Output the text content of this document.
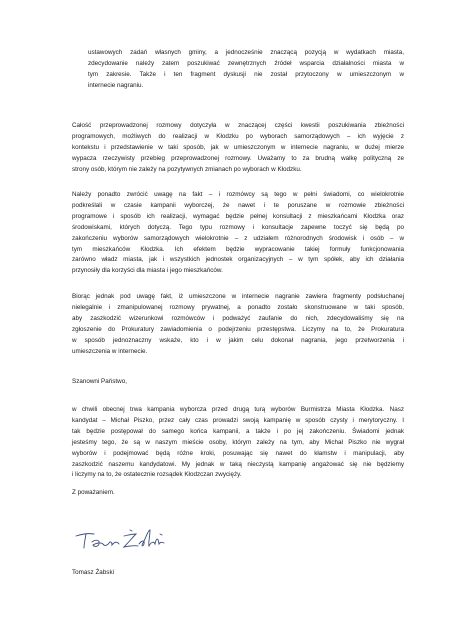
ustawowych zadań własnych gminy, a jednocześnie znaczącą pozycją w wydatkach miasta,
zdecydowanie należy zatem poszukiwać zewnętrznych źródeł wsparcia działalności miasta w
tym zakresie. Także i ten fragment dyskusji nie został przytoczony w umieszczonym w
internecie nagraniu.

Całość przeprowadzonej rozmowy dotyczyła w znaczącej części kwestii poszukiwania zbieżności
programowych, możliwych do realizacji w Kłodzku po wyborach samorządowych – ich wyjęcie z
kontekstu i przedstawienie w taki sposób, jak w umieszczonym w internecie nagraniu, w dużej mierze
wypacza rzeczywisty przebieg przeprowadzonej rozmowy. Uważamy to za brudną walkę polityczną ze
strony osób, którym nie zależy na pozytywnych zmianach po wyborach w Kłodzku.

Należy ponadto zwrócić uwagę na fakt – i rozmówcy są tego w pełni świadomi, co wielokrotnie
podkreślali w czasie kampanii wyborczej, że nawet i te poruszane w rozmowie zbieżności
programowe i sposób ich realizacji, wymagać będzie pełnej konsultacji z mieszkańcami Kłodzka oraz
środowiskami, których dotyczą. Tego typu rozmowy i konsultacje zapewne toczyć się będą po
zakończeniu wyborów samorządowych wielokrotnie – z udziałem różnorodnych środowisk i osób – w
tym mieszkańców Kłodzka. Ich efektem będzie wypracowanie takiej formuły funkcjonowania
zarówno władz miasta, jak i wszystkich jednostek organizacyjnych – w tym spółek, aby ich działania
przynosiły dla korzyści dla miasta i jego mieszkańców.

Biorąc jednak pod uwagę fakt, iż umieszczone w internecie nagranie zawiera fragmenty podsłuchanej
nielegalnie i zmanipulowanej rozmowy prywatnej, a ponadto zostało skonstruowane w taki sposób,
aby zaszkodzić wizerunkowi rozmówców i podważyć zaufanie do nich, zdecydowaliśmy się na
zgłoszenie do Prokuratury zawiadomienia o podejrzeniu przestępstwa. Liczymy na to, że Prokuratura
w sposób jednoznaczny wskaże, kto i w jakim celu dokonał nagrania, jego przetworzenia i
umieszczenia w internecie.

Szanowni Państwo,

w chwili obecnej trwa kampania wyborcza przed drugą turą wyborów Burmistrza Miasta Kłodzka. Nasz
kandydat – Michał Piszko, przez cały czas prowadzi swoją kampanię w sposób czysty i merytoryczny. I
tak będzie postępował do samego końca kampanii, a także i po jej zakończeniu. Świadomi jednak
jesteśmy tego, że są w naszym mieście osoby, którym zależy na tym, aby Michał Piszko nie wygrał
wyborów i podejmować będą różne kroki, posuwając się nawet do kłamstw i manipulacji, aby
zaszkodzić naszemu kandydatowi. My jednak w taką nieczystą kampanię angażować się nie będziemy
i liczymy na to, że ostatecznie rozsądek Kłodzczan zwycięży.

Z poważaniem.

Tomasz Żabski
